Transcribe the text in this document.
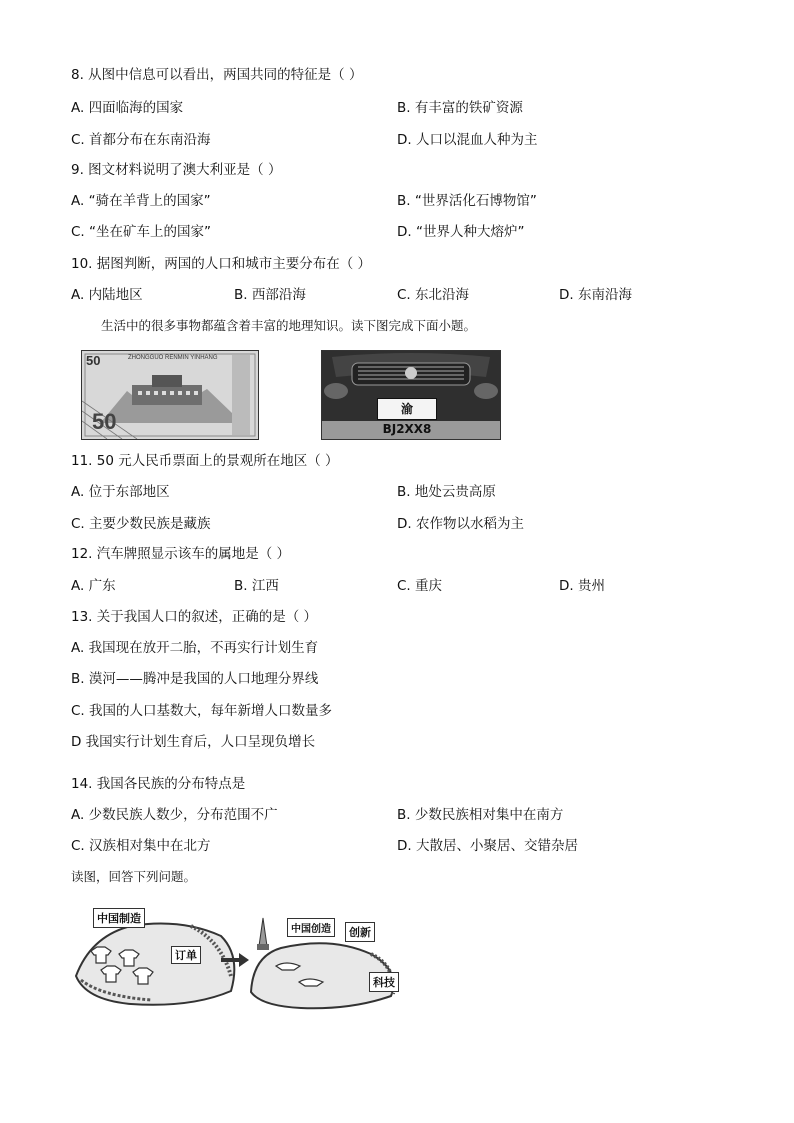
8. 从图中信息可以看出，两国共同的特征是（ ）
A. 四面临海的国家	B. 有丰富的铁矿资源
C. 首都分布在东南沿海	D. 人口以混血人种为主
9. 图文材料说明了澳大利亚是（ ）
A. “骑在羊背上的国家”	B. “世界活化石博物馆”
C. “坐在矿车上的国家”	D. “世界人种大熔炉”
10. 据图判断，两国的人口和城市主要分布在（ ）
A. 内陆地区	B. 西部沿海	C. 东北沿海	D. 东南沿海
生活中的很多事物都蕴含着丰富的地理知识。读下图完成下面小题。
50
50
ZHONGGUO RENMIN YINHANG
渝BJ2XX8
11. 50 元人民币票面上的景观所在地区（ ）
A. 位于东部地区	B. 地处云贵高原
C. 主要少数民族是藏族	D. 农作物以水稻为主
12. 汽车牌照显示该车的属地是（ ）
A. 广东	B. 江西	C. 重庆	D. 贵州
13. 关于我国人口的叙述，正确的是（ ）
A. 我国现在放开二胎，不再实行计划生育
B. 漠河——腾冲是我国的人口地理分界线
C. 我国的人口基数大，每年新增人口数量多
D 我国实行计划生育后，人口呈现负增长
14. 我国各民族的分布特点是
A. 少数民族人数少，分布范围不广	B. 少数民族相对集中在南方
C. 汉族相对集中在北方	D. 大散居、小聚居、交错杂居
读图，回答下列问题。
中国制造
订单
中国创造	创新
科技
